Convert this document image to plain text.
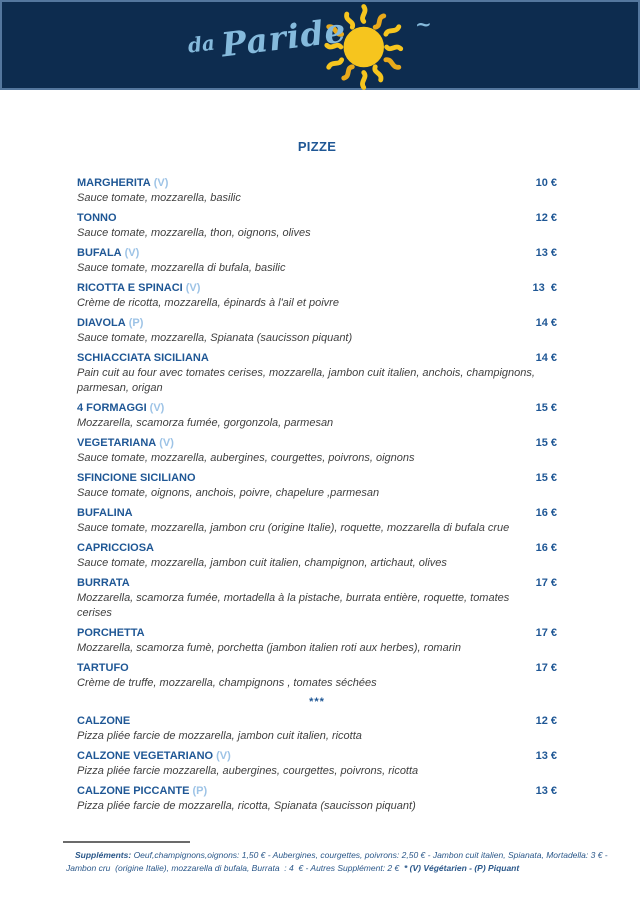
da Paride	~
PIZZE
MARGHERITA (V)	10 €
Sauce tomate, mozzarella, basilic
TONNO	12 €
Sauce tomate, mozzarella, thon, oignons, olives
BUFALA (V)	13 €
Sauce tomate, mozzarella di bufala, basilic
RICOTTA E SPINACI (V)	13  €
Crème de ricotta, mozzarella, épinards à l'ail et poivre
DIAVOLA (P)	14 €
Sauce tomate, mozzarella, Spianata (saucisson piquant)
SCHIACCIATA SICILIANA	14 €
Pain cuit au four avec tomates cerises, mozzarella, jambon cuit italien, anchois, champignons, parmesan, origan
4 FORMAGGI (V)	15 €
Mozzarella, scamorza fumée, gorgonzola, parmesan
VEGETARIANA (V)	15 €
Sauce tomate, mozzarella, aubergines, courgettes, poivrons, oignons
SFINCIONE SICILIANO	15 €
Sauce tomate, oignons, anchois, poivre, chapelure ,parmesan
BUFALINA	16 €
Sauce tomate, mozzarella, jambon cru (origine Italie), roquette, mozzarella di bufala crue
CAPRICCIOSA	16 €
Sauce tomate, mozzarella, jambon cuit italien, champignon, artichaut, olives
BURRATA	17 €
Mozzarella, scamorza fumée, mortadella à la pistache, burrata entière, roquette, tomates cerises
PORCHETTA	17 €
Mozzarella, scamorza fumè, porchetta (jambon italien roti aux herbes), romarin
TARTUFO	17 €
Crème de truffe, mozzarella, champignons , tomates séchées
***
CALZONE	12 €
Pizza pliée farcie de mozzarella, jambon cuit italien, ricotta
CALZONE VEGETARIANO (V)	13 €
Pizza pliée farcie mozzarella, aubergines, courgettes, poivrons, ricotta
CALZONE PICCANTE (P)	13 €
Pizza pliée farcie de mozzarella, ricotta, Spianata (saucisson piquant)
Suppléments: Oeuf,champignons,oignons: 1,50 € - Aubergines, courgettes, poivrons: 2,50 € - Jambon cuit italien, Spianata, Mortadella: 3 € -  Jambon cru  (origine Italie), mozzarella di bufala, Burrata  : 4  € - Autres Supplément: 2 €  * (V) Végétarien - (P) Piquant
